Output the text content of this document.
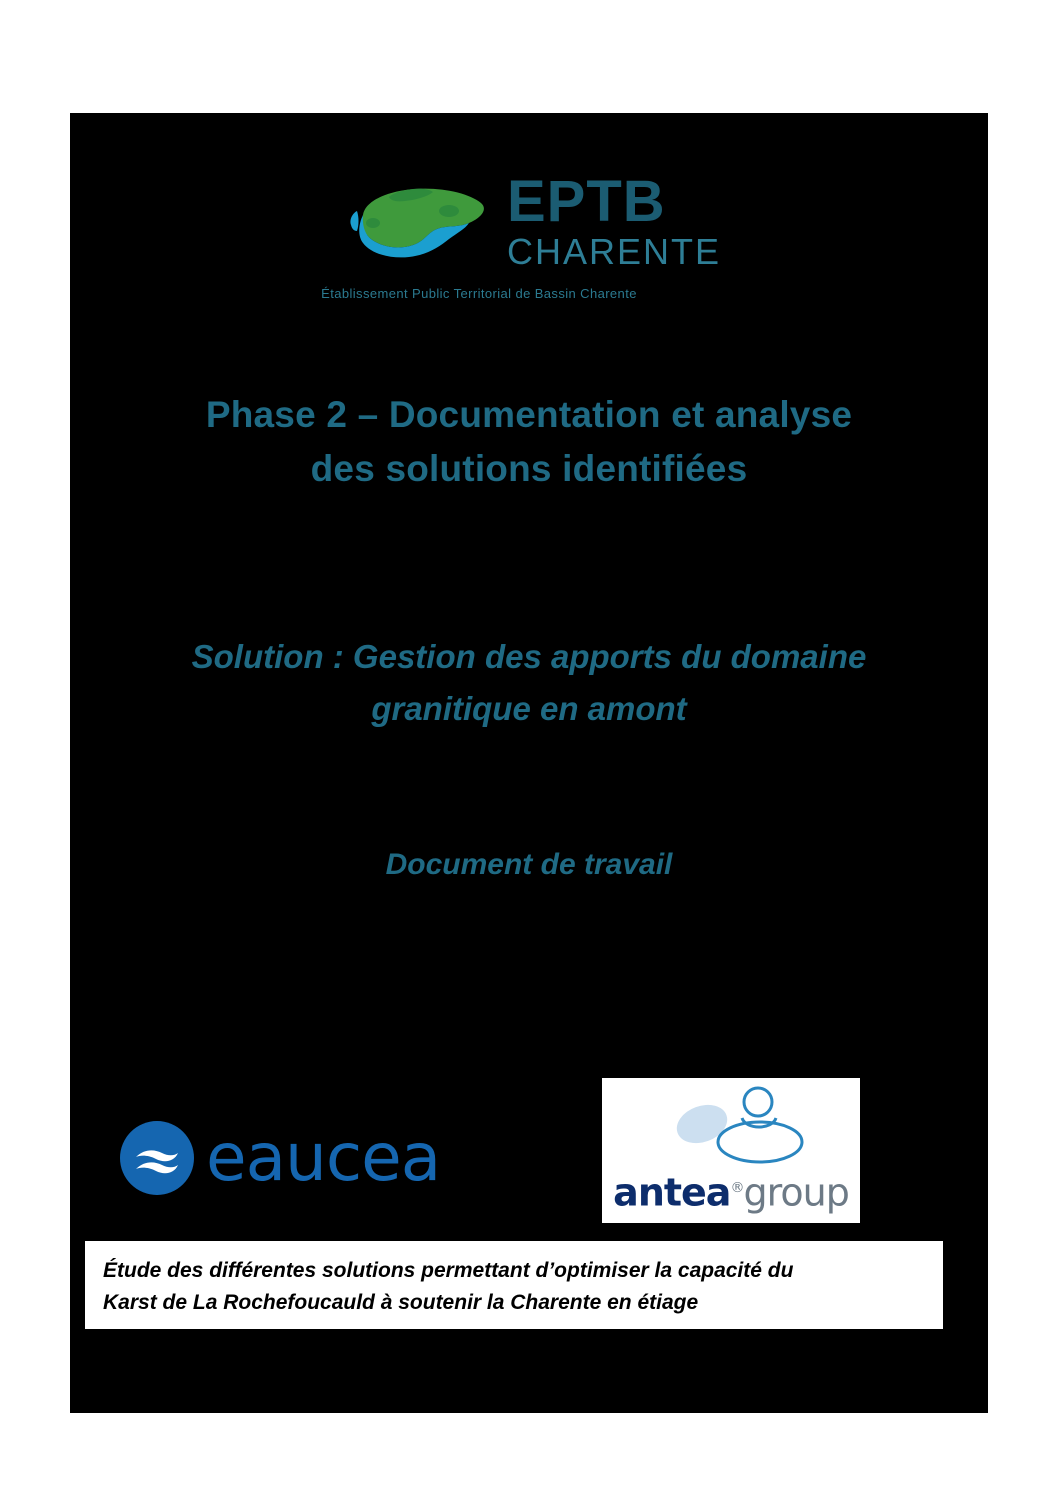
EPTB
CHARENTE
Établissement Public Territorial de Bassin Charente
Phase 2 – Documentation et analyse
des solutions identifiées
Solution : Gestion des apports du domaine
granitique en amont
Document de travail
eaucea	antea®group

Étude des différentes solutions permettant d’optimiser la capacité du

Karst de La Rochefoucauld à soutenir la Charente en étiage
